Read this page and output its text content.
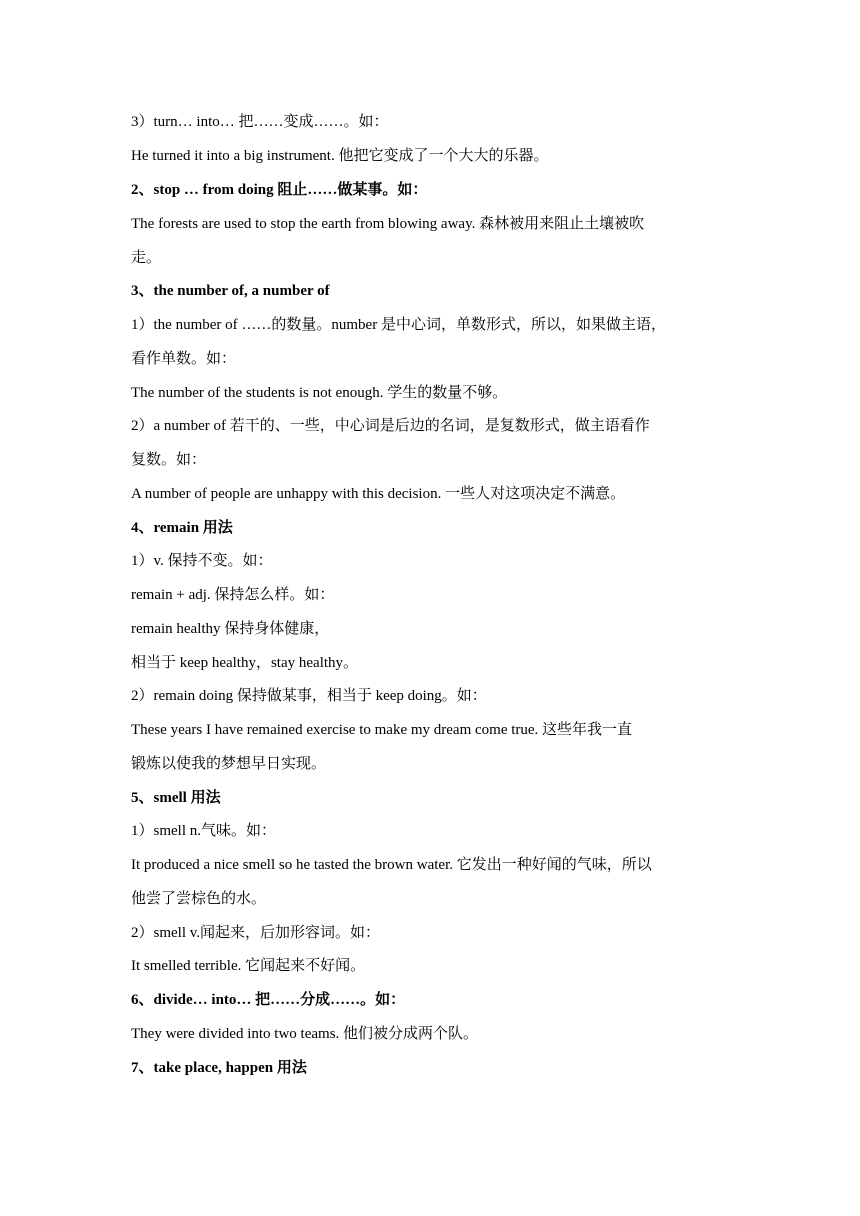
3）turn… into… 把……变成……。如：
He turned it into a big instrument. 他把它变成了一个大大的乐器。
2、stop … from doing 阻止……做某事。如：
The forests are used to stop the earth from blowing away. 森林被用来阻止土壤被吹
走。
3、the number of, a number of
1）the number of ……的数量。number 是中心词，单数形式，所以，如果做主语，
看作单数。如：
The number of the students is not enough. 学生的数量不够。
2）a number of 若干的、一些，中心词是后边的名词，是复数形式，做主语看作
复数。如：
A number of people are unhappy with this decision. 一些人对这项决定不满意。
4、remain 用法
1）v. 保持不变。如：
remain + adj. 保持怎么样。如：
remain healthy 保持身体健康，
相当于 keep healthy，stay healthy。
2）remain doing 保持做某事，相当于 keep doing。如：
These years I have remained exercise to make my dream come true. 这些年我一直
锻炼以使我的梦想早日实现。
5、smell 用法
1）smell n.气味。如：
It produced a nice smell so he tasted the brown water. 它发出一种好闻的气味，所以
他尝了尝棕色的水。
2）smell v.闻起来，后加形容词。如：
It smelled terrible. 它闻起来不好闻。
6、divide… into… 把……分成……。如：
They were divided into two teams. 他们被分成两个队。
7、take place, happen 用法
